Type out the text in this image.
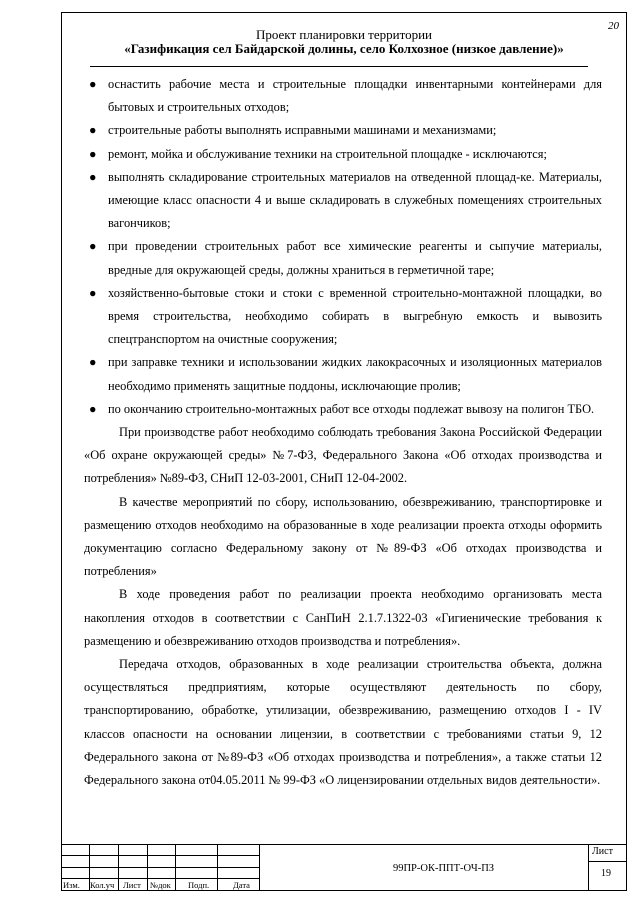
20
Проект планировки территории
«Газификация сел Байдарской долины, село Колхозное (низкое давление)»
● оснастить рабочие места и строительные площадки инвентарными контейнерами для бытовых и строительных отходов;
● строительные работы выполнять исправными машинами и механизмами;
● ремонт, мойка и обслуживание техники на строительной площадке - исключаются;
● выполнять складирование строительных материалов на отведенной площад-ке. Материалы, имеющие класс опасности 4 и выше складировать в служебных помещениях строительных вагончиков;
● при проведении строительных работ все химические реагенты и сыпучие материалы, вредные для окружающей среды, должны храниться в герметичной таре;
● хозяйственно-бытовые стоки и стоки с временной строительно-монтажной площадки, во время строительства, необходимо собирать в выгребную емкость и вывозить спецтранспортом на очистные сооружения;
● при заправке техники и использовании жидких лакокрасочных и изоляционных материалов необходимо применять защитные поддоны, исключающие пролив;
● по окончанию строительно-монтажных работ все отходы подлежат вывозу на полигон ТБО.

При производстве работ необходимо соблюдать требования Закона Российской Федерации «Об охране окружающей среды» №7-ФЗ, Федерального Закона «Об отходах производства и потребления» №89-ФЗ, СНиП 12-03-2001, СНиП 12-04-2002.

В качестве мероприятий по сбору, использованию, обезвреживанию, транспортировке и размещению отходов необходимо на образованные в ходе реализации проекта отходы оформить документацию согласно Федеральному закону от №89-ФЗ «Об отходах производства и потребления»

В ходе проведения работ по реализации проекта необходимо организовать места накопления отходов в соответствии с СанПиН 2.1.7.1322-03 «Гигиенические требования к размещению и обезвреживанию отходов производства и потребления».

Передача отходов, образованных в ходе реализации строительства объекта, должна осуществляться предприятиям, которые осуществляют деятельность по сбору, транспортированию, обработке, утилизации, обезвреживанию, размещению отходов I - IV классов опасности на основании лицензии, в соответствии с требованиями статьи 9, 12 Федерального закона от №89-ФЗ «Об отходах производства и потребления», а также статьи 12 Федерального закона от04.05.2011 № 99-ФЗ «О лицензировании отдельных видов деятельности».

Изм. Кол.уч Лист №док Подп.	Дата
99ПР-ОК-ППТ-ОЧ-ПЗ
Лист
19
